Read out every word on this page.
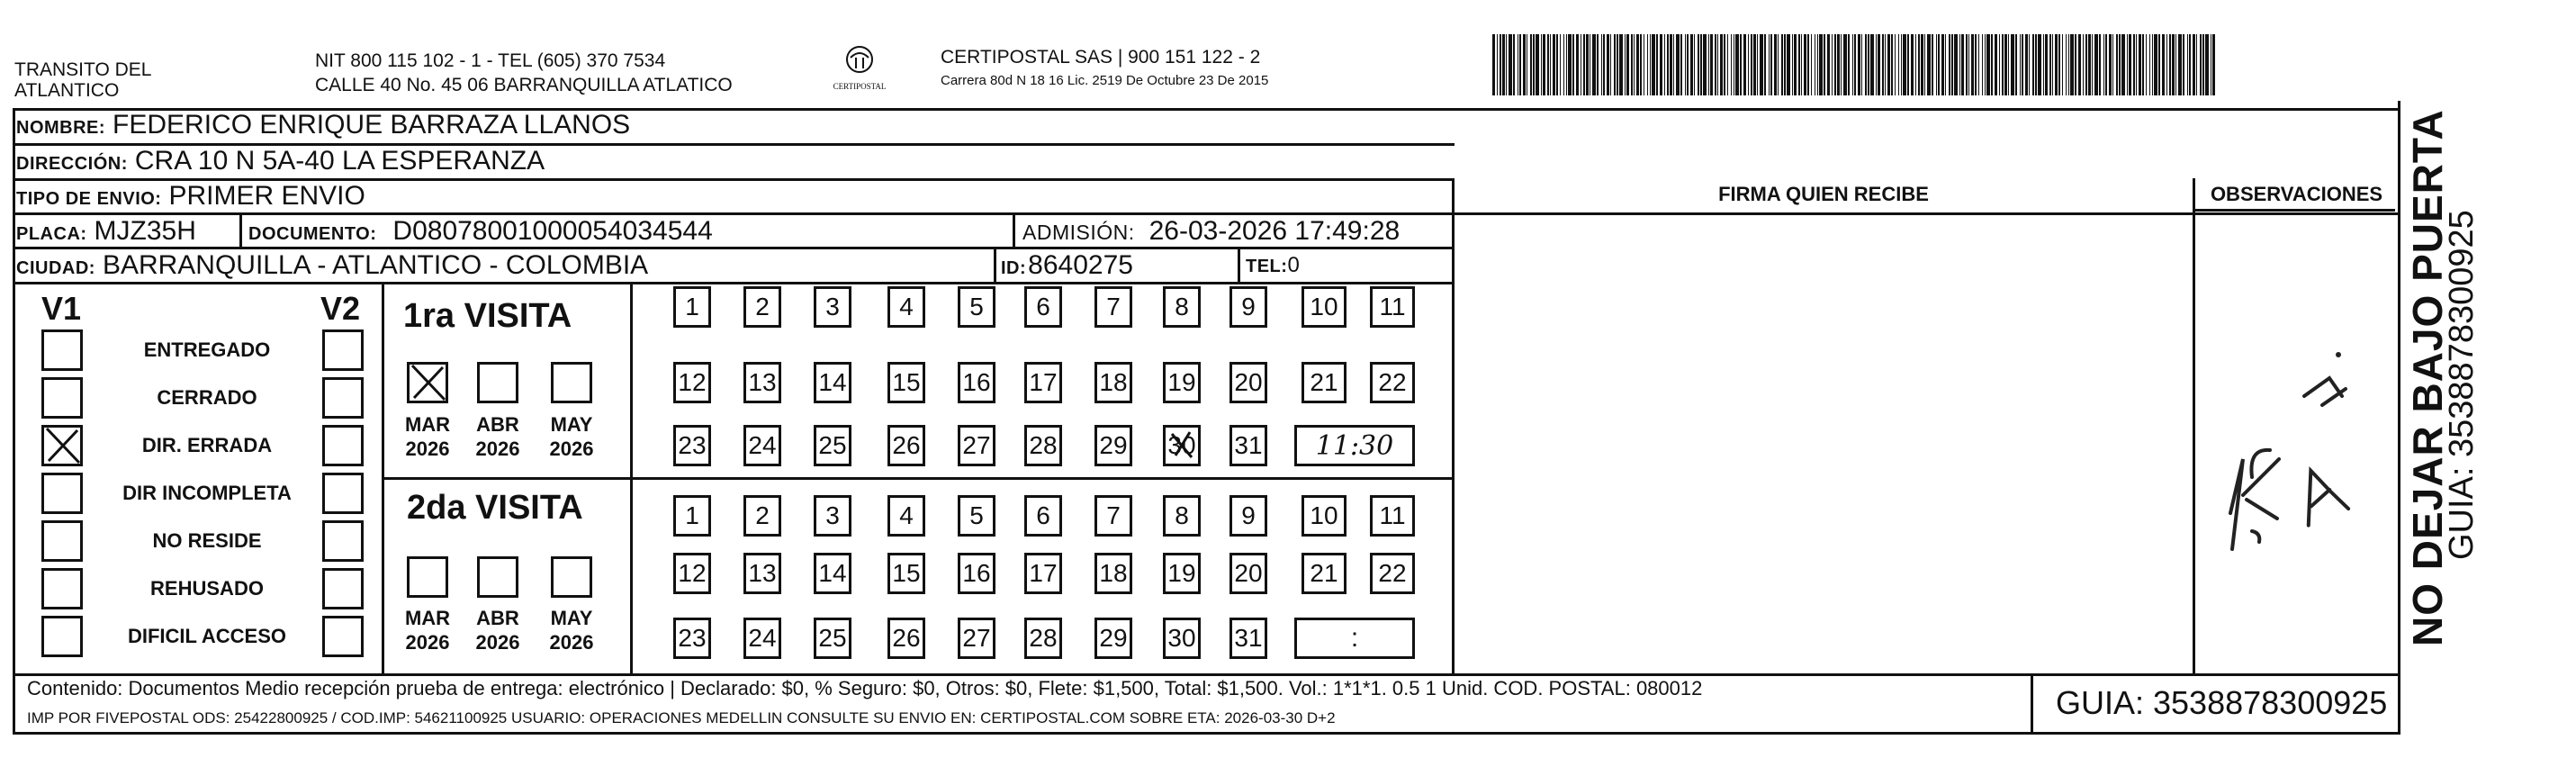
TRANSITO DEL
ATLANTICO
NIT 800 115 102 - 1 - TEL (605) 370 7534
CALLE 40 No. 45 06 BARRANQUILLA ATLATICO	CERTIPOSTAL
CERTIPOSTAL SAS | 900 151 122 - 2
Carrera 80d N 18 16 Lic. 2519 De Octubre 23 De 2015
NOMBRE: FEDERICO ENRIQUE BARRAZA LLANOS
DIRECCIÓN: CRA 10 N 5A-40 LA ESPERANZA
TIPO DE ENVIO: PRIMER ENVIO
PLACA: MJZ35H	DOCUMENTO: D08078001000054034544	ADMISIÓN: 26-03-2026 17:49:28
CIUDAD: BARRANQUILLA - ATLANTICO - COLOMBIA	ID: 8640275	TEL: 0
FIRMA QUIEN RECIBE	OBSERVACIONES
V1	V2
ENTREGADO
CERRADO
DIR. ERRADA
DIR INCOMPLETA
NO RESIDE
REHUSADO
DIFICIL ACCESO
1ra VISITA
2da VISITA
MAR
2026
ABR
2026
MAY
2026
MAR
2026
ABR
2026
MAY
2026
1	2	3	4	5	6	7	8	9	10	11
12 13 14 15 16 17 18 19 20	21	22
23 24 25 26 27 28 29 30 31	11:30
1	2	3	4	5	6	7	8	9	10	11
12 13 14 15 16 17 18 19 20	21	22
23 24 25 26 27 28 29 30 31	:	NO DEJAR BAJO PUERTA
GUIA: 3538878300925
Contenido: Documentos Medio recepción prueba de entrega: electrónico | Declarado: $0, % Seguro: $0, Otros: $0, Flete: $1,500, Total: $1,500. Vol.: 1*1*1. 0.5 1 Unid. COD. POSTAL: 080012
IMP POR FIVEPOSTAL ODS: 25422800925 / COD.IMP: 54621100925 USUARIO: OPERACIONES MEDELLIN CONSULTE SU ENVIO EN: CERTIPOSTAL.COM SOBRE ETA: 2026-03-30 D+2	GUIA: 3538878300925
